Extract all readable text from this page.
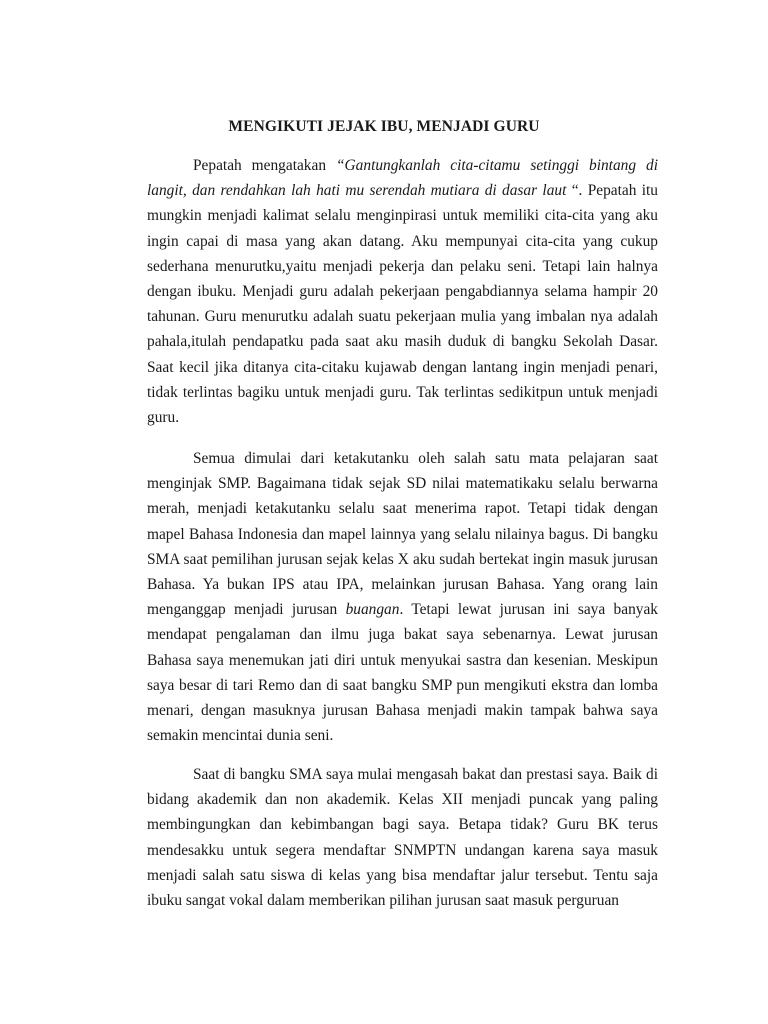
MENGIKUTI JEJAK IBU, MENJADI GURU

Pepatah mengatakan “Gantungkanlah cita-citamu setinggi bintang di langit, dan rendahkan lah hati mu serendah mutiara di dasar laut “. Pepatah itu mungkin menjadi kalimat selalu menginpirasi untuk memiliki cita-cita yang aku ingin capai di masa yang akan datang. Aku mempunyai cita-cita yang cukup sederhana menurutku,yaitu menjadi pekerja dan pelaku seni. Tetapi lain halnya dengan ibuku. Menjadi guru adalah pekerjaan pengabdiannya selama hampir 20 tahunan. Guru menurutku adalah suatu pekerjaan mulia yang imbalan nya adalah pahala,itulah pendapatku pada saat aku masih duduk di bangku Sekolah Dasar. Saat kecil jika ditanya cita-citaku kujawab dengan lantang ingin menjadi penari, tidak terlintas bagiku untuk menjadi guru. Tak terlintas sedikitpun untuk menjadi guru.

Semua dimulai dari ketakutanku oleh salah satu mata pelajaran saat menginjak SMP. Bagaimana tidak sejak SD nilai matematikaku selalu berwarna merah, menjadi ketakutanku selalu saat menerima rapot. Tetapi tidak dengan mapel Bahasa Indonesia dan mapel lainnya yang selalu nilainya bagus. Di bangku SMA saat pemilihan jurusan sejak kelas X aku sudah bertekat ingin masuk jurusan Bahasa. Ya bukan IPS atau IPA, melainkan jurusan Bahasa. Yang orang lain menganggap menjadi jurusan buangan. Tetapi lewat jurusan ini saya banyak mendapat pengalaman dan ilmu juga bakat saya sebenarnya. Lewat jurusan Bahasa saya menemukan jati diri untuk menyukai sastra dan kesenian. Meskipun saya besar di tari Remo dan di saat bangku SMP pun mengikuti ekstra dan lomba menari, dengan masuknya jurusan Bahasa menjadi makin tampak bahwa saya semakin mencintai dunia seni.

Saat di bangku SMA saya mulai mengasah bakat dan prestasi saya. Baik di bidang akademik dan non akademik. Kelas XII menjadi puncak yang paling membingungkan dan kebimbangan bagi saya. Betapa tidak? Guru BK terus mendesakku untuk segera mendaftar SNMPTN undangan karena saya masuk menjadi salah satu siswa di kelas yang bisa mendaftar jalur tersebut. Tentu saja ibuku sangat vokal dalam memberikan pilihan jurusan saat masuk perguruan
